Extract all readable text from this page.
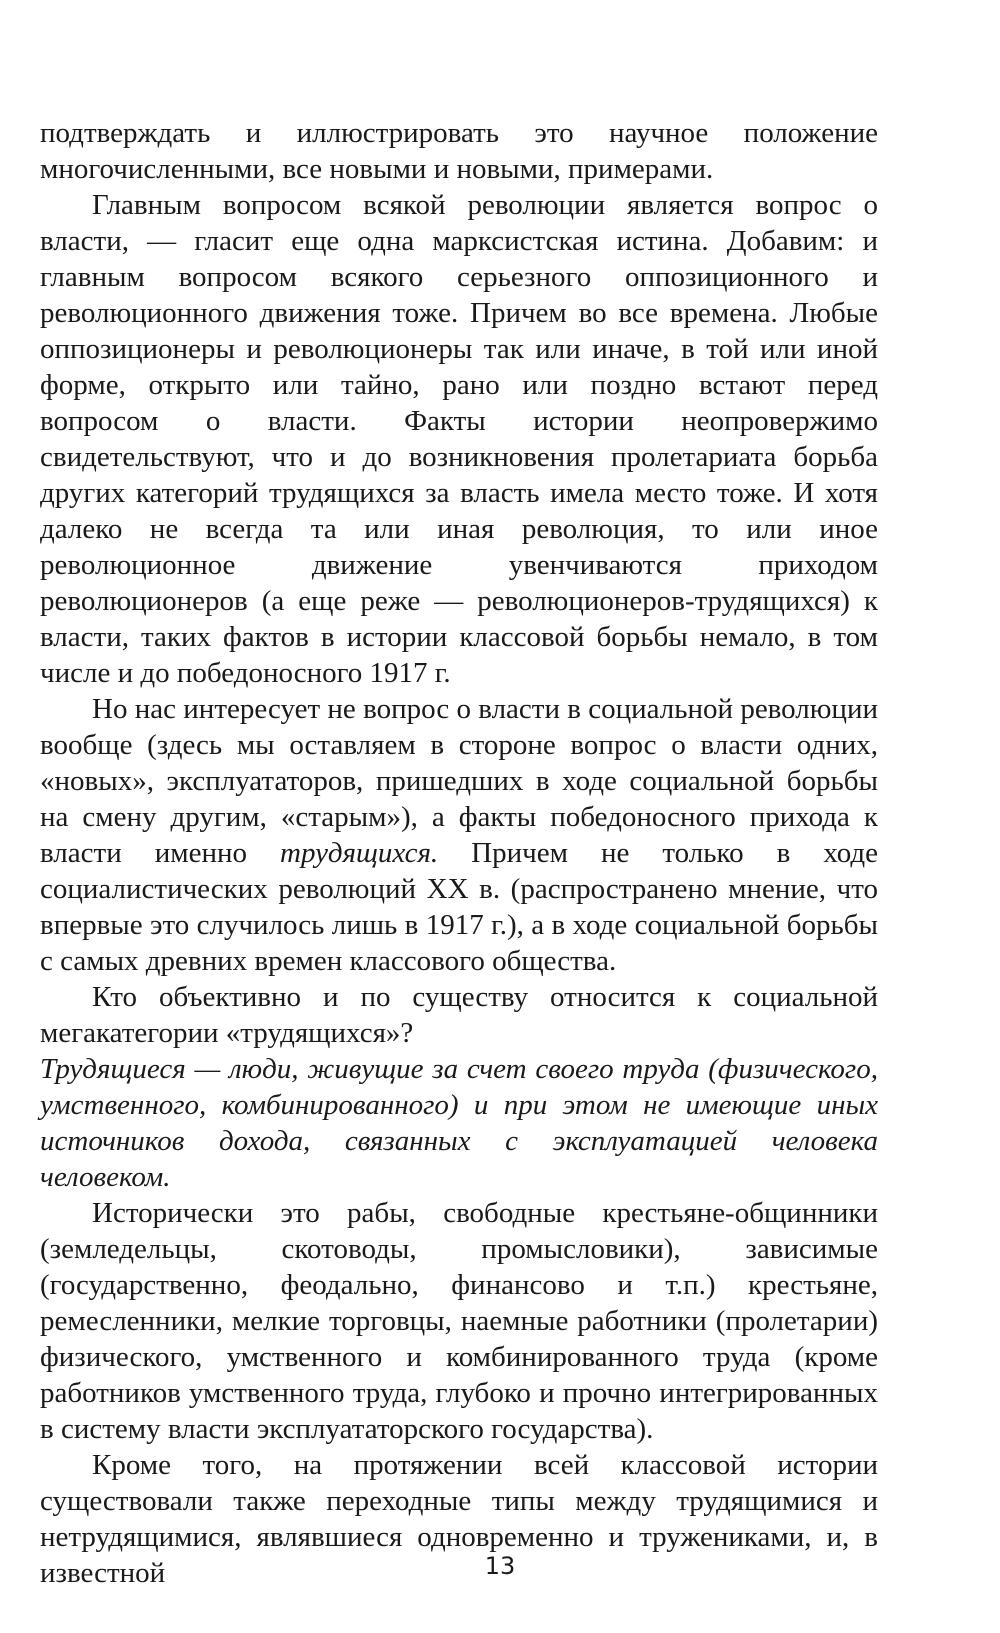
подтверждать и иллюстрировать это научное положение многочисленными, все новыми и новыми, примерами.

Главным вопросом всякой революции является вопрос о власти, — гласит еще одна марксистская истина. Добавим: и главным вопросом всякого серьезного оппозиционного и революционного движения тоже. Причем во все времена. Любые оппозиционеры и революционеры так или иначе, в той или иной форме, открыто или тайно, рано или поздно встают перед вопросом о власти. Факты истории неопровержимо свидетельствуют, что и до возникновения пролетариата борьба других категорий трудящихся за власть имела место тоже. И хотя далеко не всегда та или иная революция, то или иное революционное движение увенчиваются приходом революционеров (а еще реже — революционеров-трудящихся) к власти, таких фактов в истории классовой борьбы немало, в том числе и до победоносного 1917 г.

Но нас интересует не вопрос о власти в социальной революции вообще (здесь мы оставляем в стороне вопрос о власти одних, «новых», эксплуататоров, пришедших в ходе социальной борьбы на смену другим, «старым»), а факты победоносного прихода к власти именно трудящихся. Причем не только в ходе социалистических революций XX в. (распространено мнение, что впервые это случилось лишь в 1917 г.), а в ходе социальной борьбы с самых древних времен классового общества.

Кто объективно и по существу относится к социальной мегакатегории «трудящихся»?

Трудящиеся — люди, живущие за счет своего труда (физического, умственного, комбинированного) и при этом не имеющие иных источников дохода, связанных с эксплуатацией человека человеком.

Исторически это рабы, свободные крестьяне-общинники (земледельцы, скотоводы, промысловики), зависимые (государственно, феодально, финансово и т.п.) крестьяне, ремесленники, мелкие торговцы, наемные работники (пролетарии) физического, умственного и комбинированного труда (кроме работников умственного труда, глубоко и прочно интегрированных в систему власти эксплуататорского государства).

Кроме того, на протяжении всей классовой истории существовали также переходные типы между трудящимися и нетрудящимися, являвшиеся одновременно и тружениками, и, в известной	13
